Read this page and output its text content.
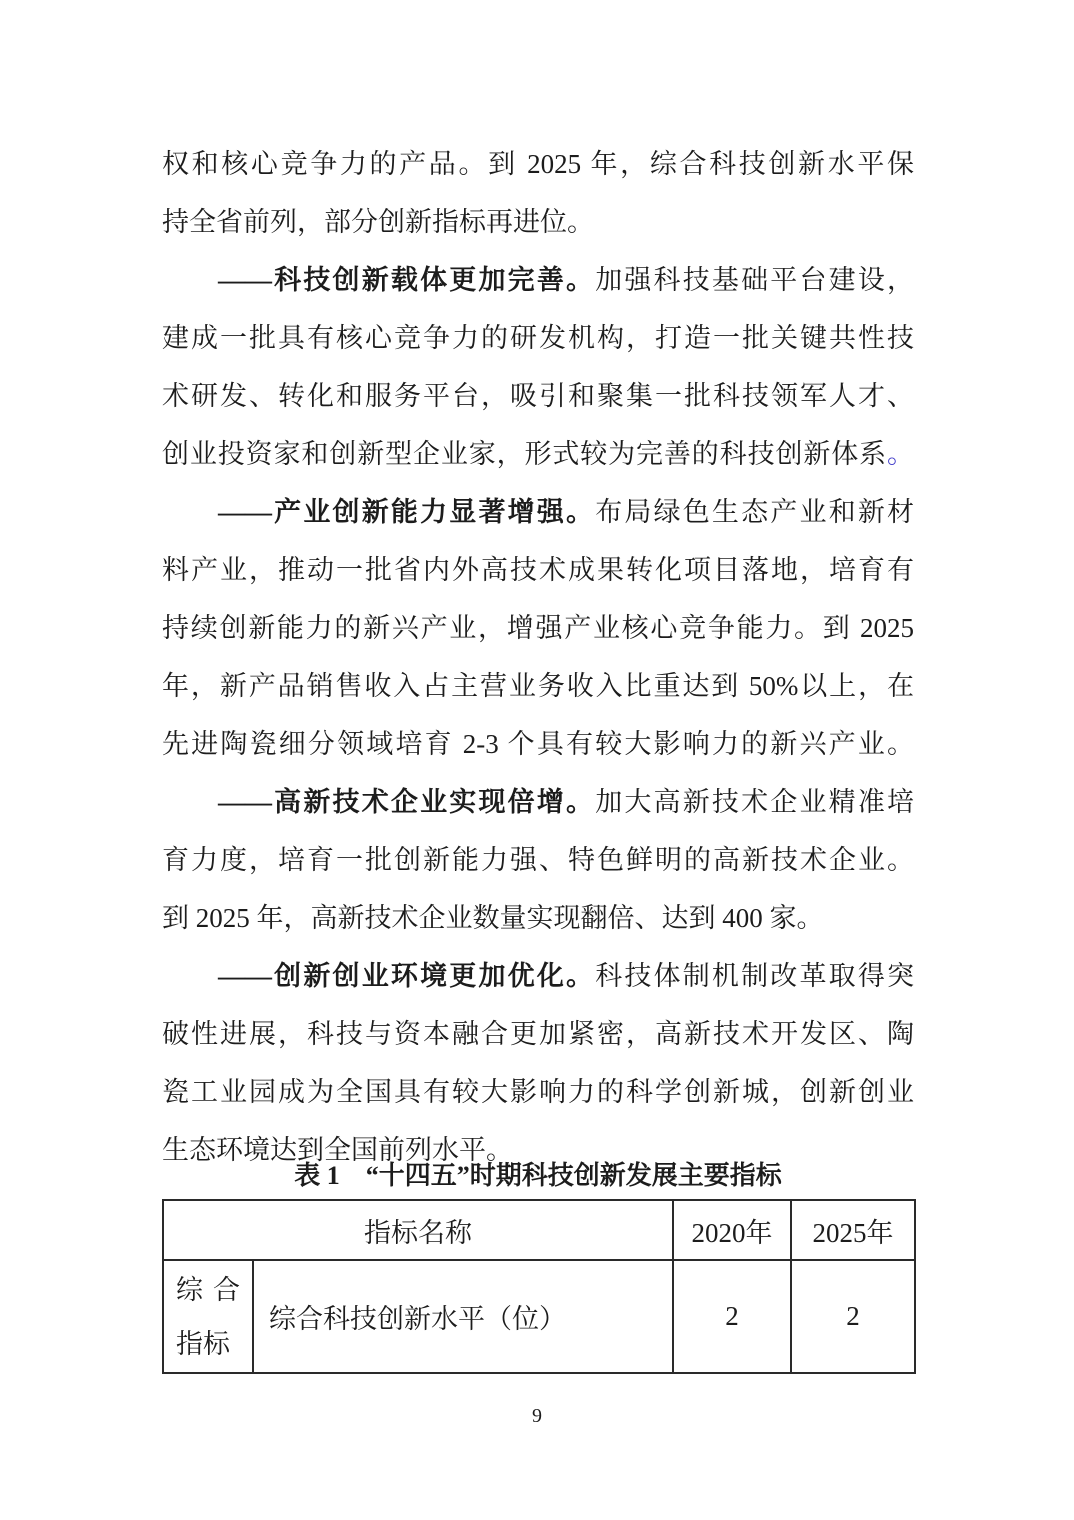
权和核心竞争力的产品。到 2025 年，综合科技创新水平保
持全省前列，部分创新指标再进位。
——科技创新载体更加完善。加强科技基础平台建设，
建成一批具有核心竞争力的研发机构，打造一批关键共性技
术研发、转化和服务平台，吸引和聚集一批科技领军人才、
创业投资家和创新型企业家，形式较为完善的科技创新体系。
——产业创新能力显著增强。布局绿色生态产业和新材
料产业，推动一批省内外高技术成果转化项目落地，培育有
持续创新能力的新兴产业，增强产业核心竞争能力。到 2025
年，新产品销售收入占主营业务收入比重达到 50%以上，在
先进陶瓷细分领域培育 2-3 个具有较大影响力的新兴产业。
——高新技术企业实现倍增。加大高新技术企业精准培
育力度，培育一批创新能力强、特色鲜明的高新技术企业。
到 2025 年，高新技术企业数量实现翻倍、达到 400 家。
——创新创业环境更加优化。科技体制机制改革取得突
破性进展，科技与资本融合更加紧密，高新技术开发区、陶
瓷工业园成为全国具有较大影响力的科学创新城，创新创业
生态环境达到全国前列水平。
表 1　“十四五”时期科技创新发展主要指标
指标名称		2020年	2025年

综 合
指标	综合科技创新水平（位）	2	2
9
